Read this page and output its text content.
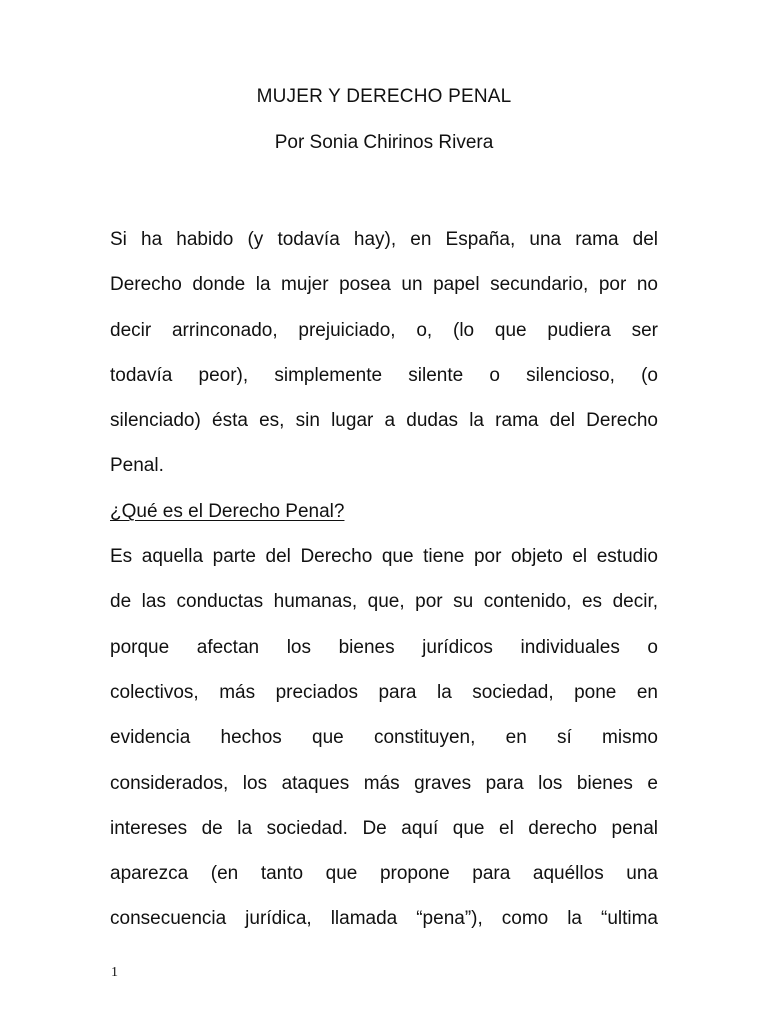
MUJER Y DERECHO PENAL
Por Sonia Chirinos Rivera
Si ha habido (y todavía hay), en España, una rama del
Derecho donde la mujer posea un papel secundario, por no
decir arrinconado, prejuiciado, o, (lo que pudiera ser
todavía peor), simplemente silente o silencioso, (o
silenciado) ésta es, sin lugar a dudas la rama del Derecho
Penal.
¿Qué es el Derecho Penal?
Es aquella parte del Derecho que tiene por objeto el estudio
de las conductas humanas, que, por su contenido, es decir,
porque afectan los bienes jurídicos individuales o
colectivos, más preciados para la sociedad, pone en
evidencia hechos que constituyen, en sí mismo
considerados, los ataques más graves para los bienes e
intereses de la sociedad. De aquí que el derecho penal
aparezca (en tanto que propone para aquéllos una
consecuencia jurídica, llamada “pena”), como la “ultima
1
